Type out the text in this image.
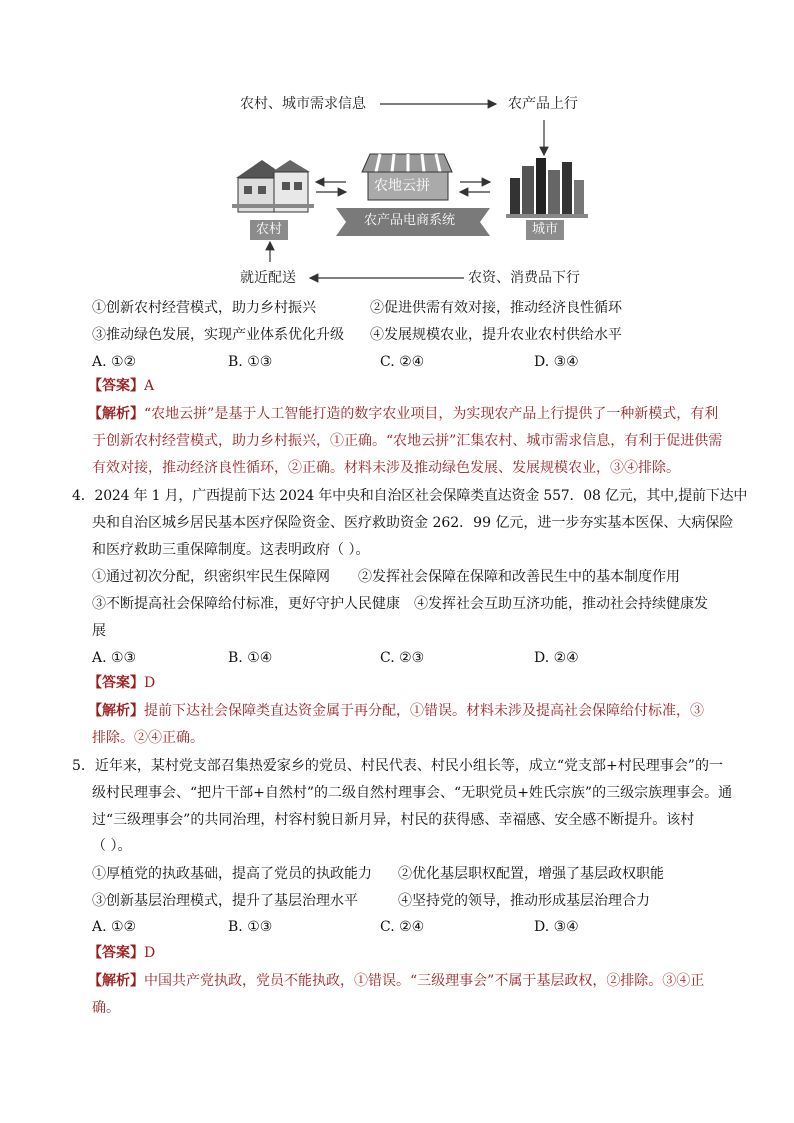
农村、城市需求信息	农产品上行
农地云拼
农产品电商系统
农村	城市
就近配送	农资、消费品下行
①创新农村经营模式，助力乡村振兴	②促进供需有效对接，推动经济良性循环
③推动绿色发展，实现产业体系优化升级 ④发展规模农业，提升农业农村供给水平
A. ①②	B. ①③	C. ②④	D. ③④
【答案】A
【解析】“农地云拼”是基于人工智能打造的数字农业项目，为实现农产品上行提供了一种新模式，有利
于创新农村经营模式，助力乡村振兴，①正确。“农地云拼”汇集农村、城市需求信息，有利于促进供需
有效对接，推动经济良性循环，②正确。材料未涉及推动绿色发展、发展规模农业，③④排除。
4．2024 年 1 月，广西提前下达 2024 年中央和自治区社会保障类直达资金 557．08 亿元，其中,提前下达中
央和自治区城乡居民基本医疗保险资金、医疗救助资金 262．99 亿元，进一步夯实基本医保、大病保险
和医疗救助三重保障制度。这表明政府（ ）。
①通过初次分配，织密织牢民生保障网　　②发挥社会保障在保障和改善民生中的基本制度作用
③不断提高社会保障给付标准，更好守护人民健康　④发挥社会互助互济功能，推动社会持续健康发
展
A. ①③	B. ①④	C. ②③	D. ②④
【答案】D
【解析】提前下达社会保障类直达资金属于再分配，①错误。材料未涉及提高社会保障给付标准，③
排除。②④正确。
5．近年来，某村党支部召集热爱家乡的党员、村民代表、村民小组长等，成立“党支部+村民理事会”的一
级村民理事会、“把片干部+自然村”的二级自然村理事会、“无职党员+姓氏宗族”的三级宗族理事会。通
过“三级理事会”的共同治理，村容村貌日新月异，村民的获得感、幸福感、安全感不断提升。该村
（ ）。
①厚植党的执政基础，提高了党员的执政能力 ②优化基层职权配置，增强了基层政权职能
③创新基层治理模式，提升了基层治理水平	④坚持党的领导，推动形成基层治理合力
A. ①②	B. ①③	C. ②④	D. ③④
【答案】D
【解析】中国共产党执政，党员不能执政，①错误。“三级理事会”不属于基层政权，②排除。③④正
确。
